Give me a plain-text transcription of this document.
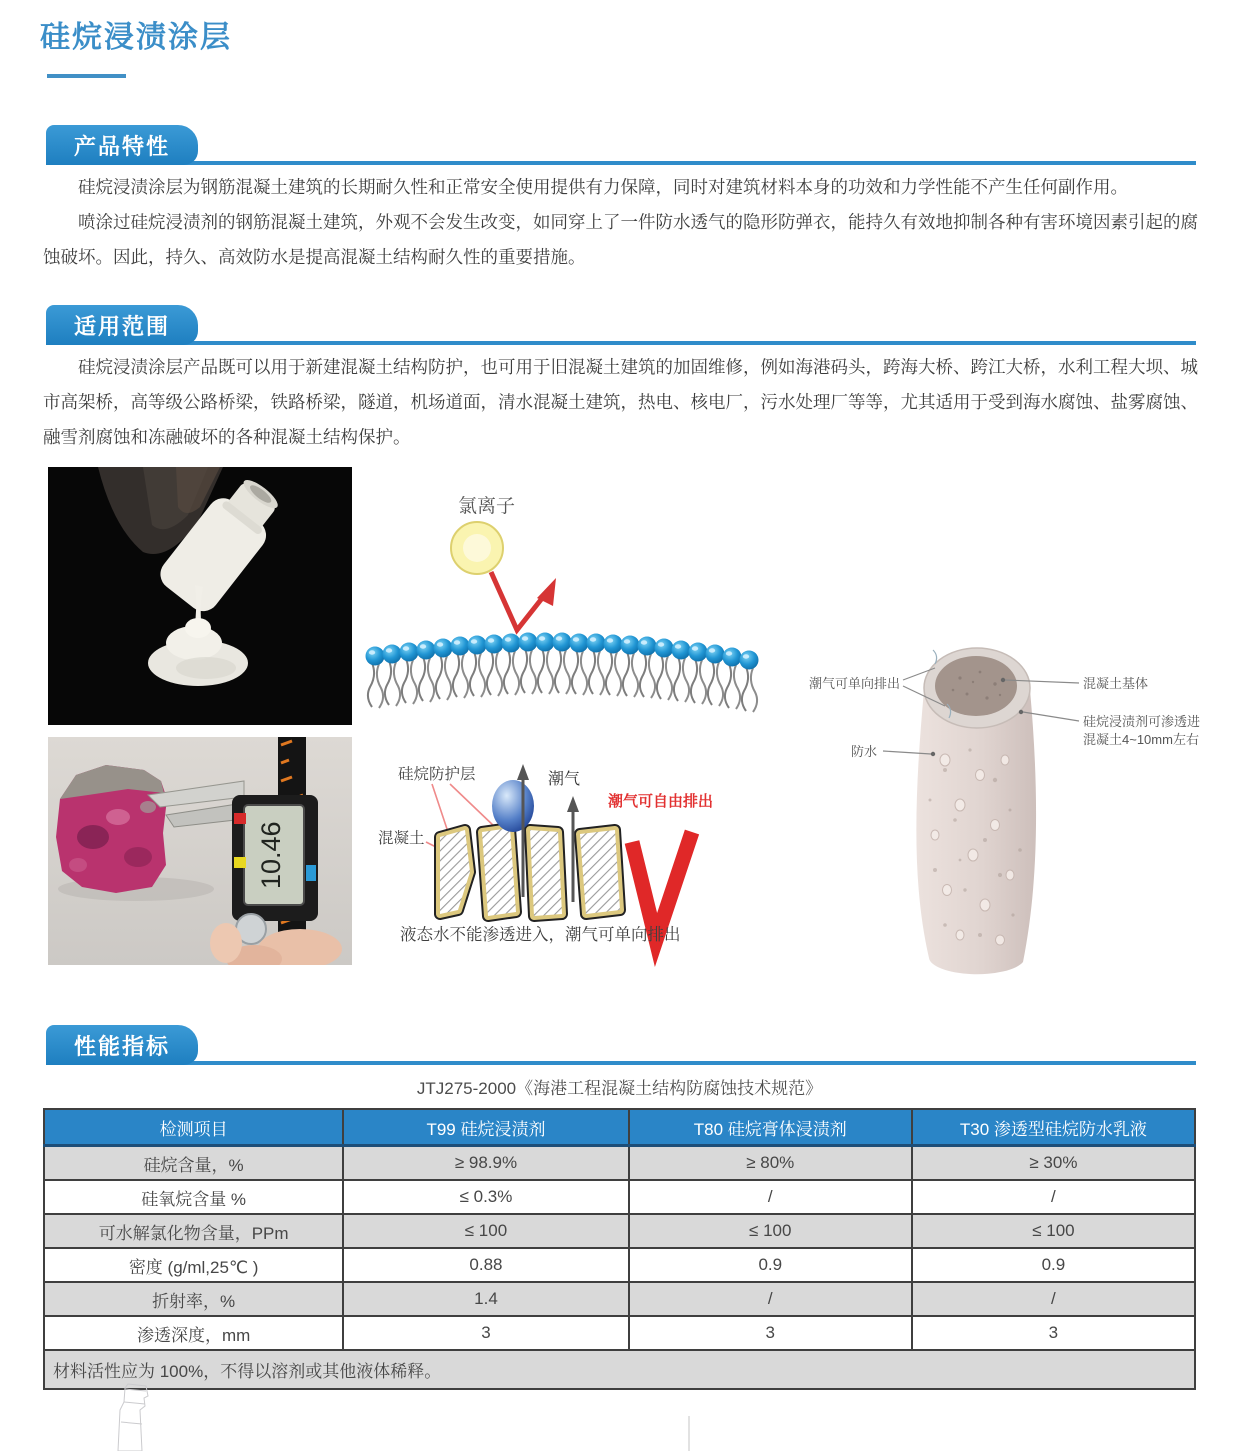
硅烷浸渍涂层
产品特性

硅烷浸渍涂层为钢筋混凝土建筑的长期耐久性和正常安全使用提供有力保障，同时对建筑材料本身的功效和力学性能不产生任何副作用。

喷涂过硅烷浸渍剂的钢筋混凝土建筑，外观不会发生改变，如同穿上了一件防水透气的隐形防弹衣，能持久有效地抑制各种有害环境因素引起的腐蚀破坏。因此，持久、高效防水是提高混凝土结构耐久性的重要措施。

适用范围

硅烷浸渍涂层产品既可以用于新建混凝土结构防护，也可用于旧混凝土建筑的加固维修，例如海港码头，跨海大桥、跨江大桥，水利工程大坝、城市高架桥，高等级公路桥梁，铁路桥梁，隧道，机场道面，清水混凝土建筑，热电、核电厂，污水处理厂等等，尤其适用于受到海水腐蚀、盐雾腐蚀、融雪剂腐蚀和冻融破坏的各种混凝土结构保护。

氯离子
10.46
硅烷防护层
混凝土
潮气
潮气可自由排出
液态水不能渗透进入，潮气可单向排出
潮气可单向排出	混凝土基体
硅烷浸渍剂可渗透进
混凝土4~10mm左右
防水
性能指标
JTJ275-2000《海港工程混凝土结构防腐蚀技术规范》
检测项目	T99 硅烷浸渍剂	T80 硅烷膏体浸渍剂	T30 渗透型硅烷防水乳液
硅烷含量，%	≥ 98.9%	≥ 80%	≥ 30%
硅氧烷含量 %	≤ 0.3%	/	/
可水解氯化物含量，PPm	≤ 100	≤ 100	≤ 100
密度 (g/ml,25℃ )	0.88	0.9	0.9
折射率，%	1.4	/	/
渗透深度，mm	3	3	3
材料活性应为 100%，不得以溶剂或其他液体稀释。			
